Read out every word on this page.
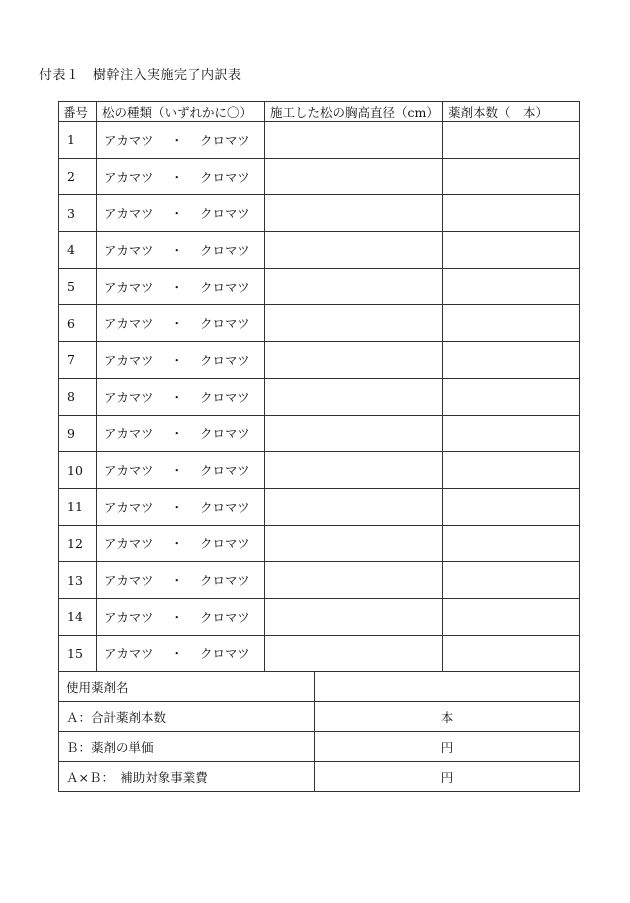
付表１　樹幹注入実施完了内訳表
番号	松の種類（いずれかに〇）	施工した松の胸高直径（cm）		薬剤本数（　本）
1	アカマツ ・ クロマツ			
2	アカマツ ・ クロマツ			
3	アカマツ ・ クロマツ			
4	アカマツ ・ クロマツ			
5	アカマツ ・ クロマツ			
6	アカマツ ・ クロマツ			
7	アカマツ ・ クロマツ			
8	アカマツ ・ クロマツ			
9	アカマツ ・ クロマツ			
10	アカマツ ・ クロマツ			
11	アカマツ ・ クロマツ			
12	アカマツ ・ クロマツ			
13	アカマツ ・ クロマツ			
14	アカマツ ・ クロマツ			
15	アカマツ ・ クロマツ			
使用薬剤名				
Ａ：合計薬剤本数			本	
Ｂ：薬剤の単価			円	
Ａ×Ｂ：　補助対象事業費			円	
